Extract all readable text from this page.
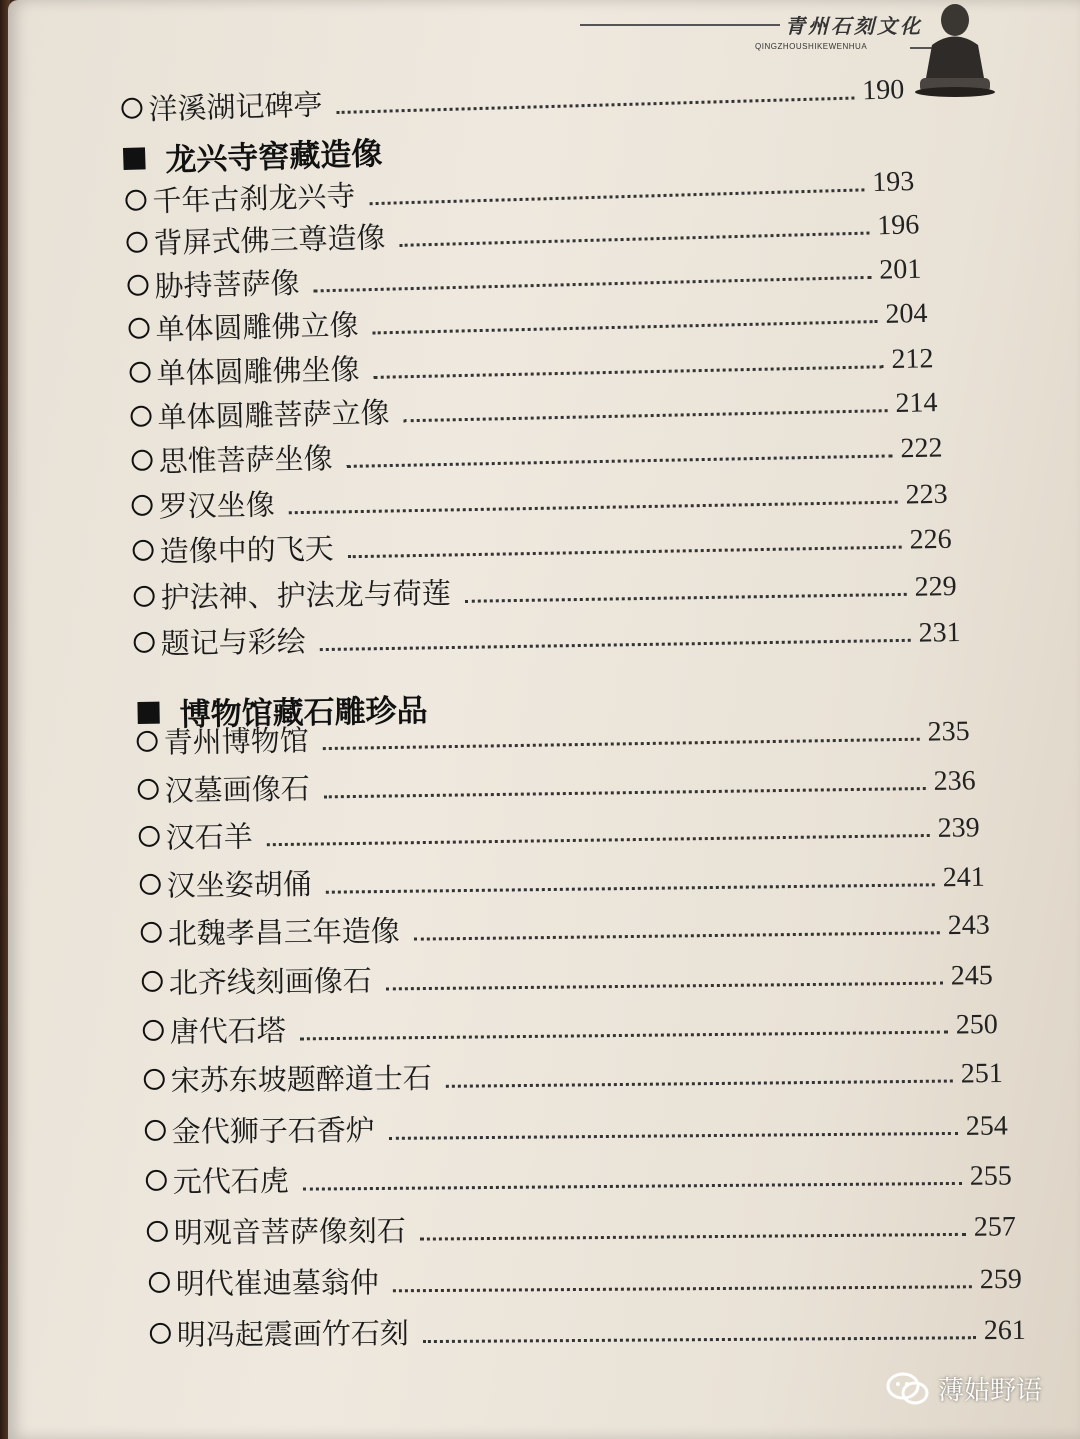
青州石刻文化
QINGZHOUSHIKEWENHUA
洋溪湖记碑亭	190
龙兴寺窖藏造像
千年古刹龙兴寺	193
背屏式佛三尊造像	196
胁持菩萨像	201
单体圆雕佛立像	204
单体圆雕佛坐像	212
单体圆雕菩萨立像	214
思惟菩萨坐像	222
罗汉坐像	223
造像中的飞天	226
护法神、护法龙与荷莲	229
题记与彩绘	231
博物馆藏石雕珍品
青州博物馆	235
汉墓画像石	236
汉石羊	239
汉坐姿胡俑	241
北魏孝昌三年造像	243
北齐线刻画像石	245
唐代石塔	250
宋苏东坡题醉道士石	251
金代狮子石香炉	254
元代石虎	255
明观音菩萨像刻石	257
明代崔迪墓翁仲	259
明冯起震画竹石刻	261
薄姑野语
